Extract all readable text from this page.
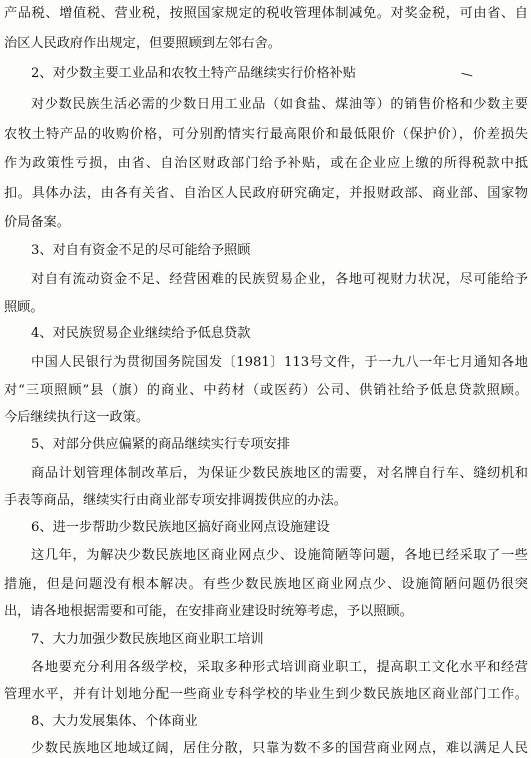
产品税、增值税、营业税，按照国家规定的税收管理体制减免。对奖金税，可由省、自
治区人民政府作出规定，但要照顾到左邻右舍。
2、对少数主要工业品和农牧土特产品继续实行价格补贴
对少数民族生活必需的少数日用工业品（如食盐、煤油等）的销售价格和少数主要
农牧土特产品的收购价格，可分别酌情实行最高限价和最低限价（保护价），价差损失
作为政策性亏损，由省、自治区财政部门给予补贴，或在企业应上缴的所得税款中抵
扣。具体办法，由各有关省、自治区人民政府研究确定，并报财政部、商业部、国家物
价局备案。
3、对自有资金不足的尽可能给予照顾
对自有流动资金不足、经营困难的民族贸易企业，各地可视财力状况，尽可能给予
照顾。
4、对民族贸易企业继续给予低息贷款
中国人民银行为贯彻国务院国发〔1981〕113号文件，于一九八一年七月通知各地
对“三项照顾”县（旗）的商业、中药材（或医药）公司、供销社给予低息贷款照顾。
今后继续执行这一政策。
5、对部分供应偏紧的商品继续实行专项安排
商品计划管理体制改革后，为保证少数民族地区的需要，对名牌自行车、缝纫机和
手表等商品，继续实行由商业部专项安排调拨供应的办法。
6、进一步帮助少数民族地区搞好商业网点设施建设
这几年，为解决少数民族地区商业网点少、设施简陋等问题，各地已经采取了一些
措施，但是问题没有根本解决。有些少数民族地区商业网点少、设施简陋问题仍很突
出，请各地根据需要和可能，在安排商业建设时统筹考虑，予以照顾。
7、大力加强少数民族地区商业职工培训
各地要充分利用各级学校，采取多种形式培训商业职工，提高职工文化水平和经营
管理水平，并有计划地分配一些商业专科学校的毕业生到少数民族地区商业部门工作。
8、大力发展集体、个体商业
少数民族地区地域辽阔，居住分散，只靠为数不多的国营商业网点，难以满足人民
